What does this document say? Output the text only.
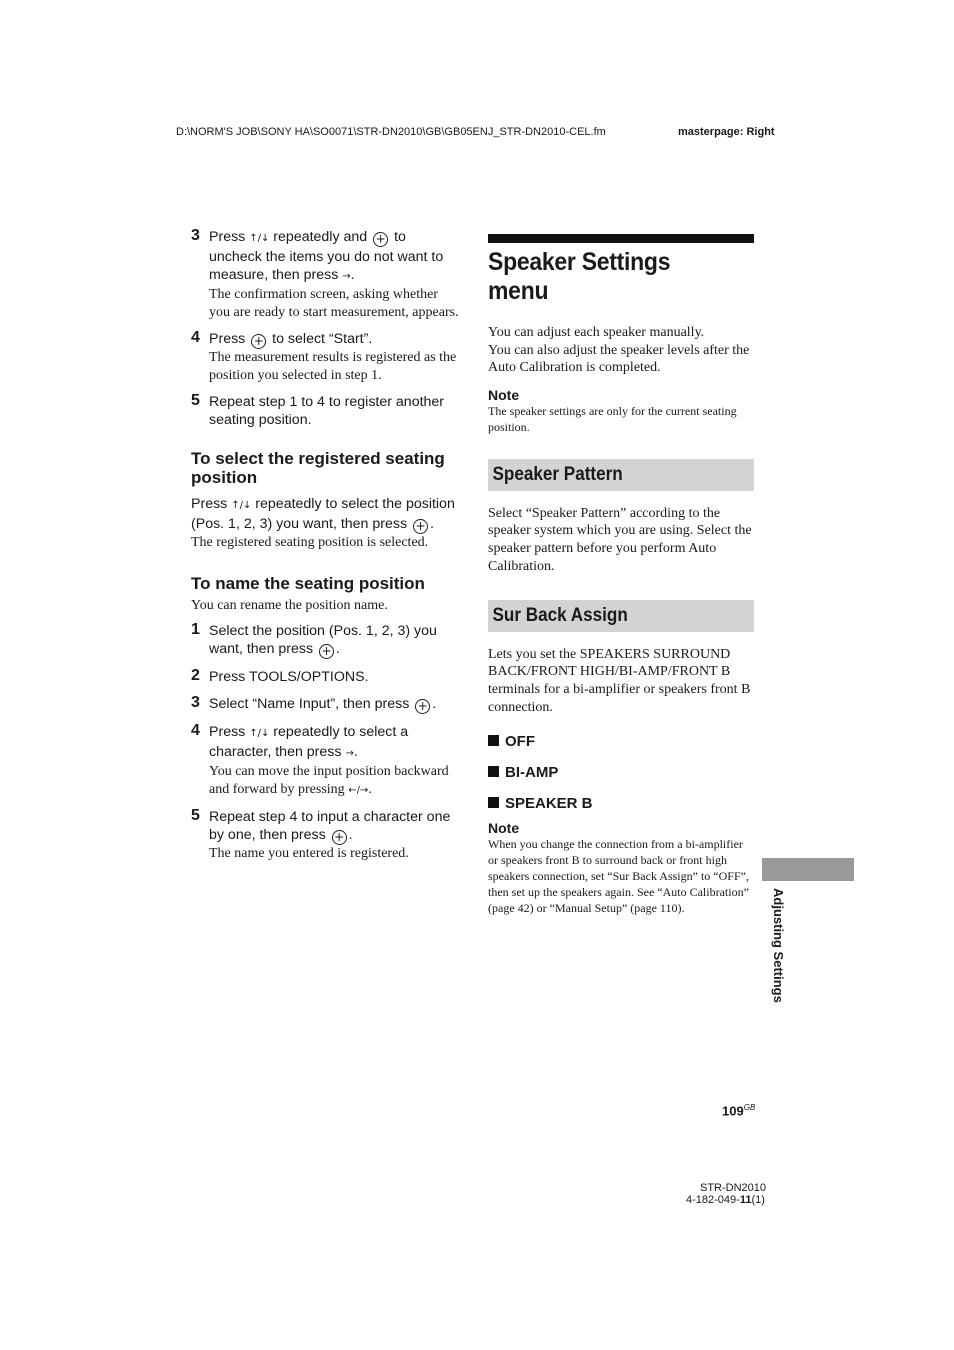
D:\NORM'S JOB\SONY HA\SO0071\STR-DN2010\GB\GB05ENJ_STR-DN2010-CEL.fm	masterpage: Right
3 Press ↑/↓ repeatedly and + to uncheck the items you do not want to measure, then press →.
The confirmation screen, asking whether you are ready to start measurement, appears.
4 Press + to select “Start”.
The measurement results is registered as the position you selected in step 1.
5 Repeat step 1 to 4 to register another seating position.
To select the registered seating position
Press ↑/↓ repeatedly to select the position (Pos. 1, 2, 3) you want, then press + .
The registered seating position is selected.
To name the seating position
You can rename the position name.
1 Select the position (Pos. 1, 2, 3) you want, then press + .
2 Press TOOLS/OPTIONS.
3 Select “Name Input”, then press + .
4 Press ↑/↓ repeatedly to select a character, then press →.
You can move the input position backward and forward by pressing ←/→.
5 Repeat step 4 to input a character one by one, then press + .
The name you entered is registered.
Speaker Settings menu
You can adjust each speaker manually.
You can also adjust the speaker levels after the Auto Calibration is completed.
Note
The speaker settings are only for the current seating position.
Speaker Pattern
Select “Speaker Pattern” according to the speaker system which you are using. Select the speaker pattern before you perform Auto Calibration.
Sur Back Assign
Lets you set the SPEAKERS SURROUND BACK/FRONT HIGH/BI-AMP/FRONT B terminals for a bi-amplifier or speakers front B connection.
OFF
BI-AMP
SPEAKER B
Note
When you change the connection from a bi-amplifier or speakers front B to surround back or front high speakers connection, set “Sur Back Assign” to “OFF”, then set up the speakers again. See “Auto Calibration” (page 42) or “Manual Setup” (page 110).	Adjusting Settings
$109^{GB}$
STR-DN2010
4-182-049-11(1)
